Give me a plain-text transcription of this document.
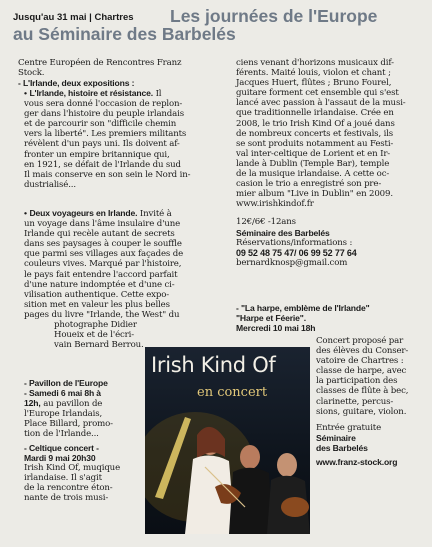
Jusqu'au 31 mai | Chartres Les journées de l'Europe
au Séminaire des Barbelés
Centre Européen de Rencontres Franz
Stock.
- L'Irlande, deux expositions :
• L'Irlande, histoire et résistance. Il
vous sera donné l'occasion de replon-
ger dans l'histoire du peuple irlandais
et de parcourir son "difficile chemin
vers la liberté". Les premiers militants
révèlent d'un pays uni. Ils doivent af-
fronter un empire britannique qui,
en 1921, se défait de l'Irlande du sud
Il mais conserve en son sein le Nord in-
dustrialisé...
• Deux voyageurs en Irlande. Invité à
un voyage dans l'âme insulaire d'une
Irlande qui recèle autant de secrets
dans ses paysages à couper le souffle
que parmi ses villages aux façades de
couleurs vives. Marqué par l'histoire,
le pays fait entendre l'accord parfait
d'une nature indomptée et d'une ci-
vilisation authentique. Cette expo-
sition met en valeur les plus belles
pages du livre "Irlande, the West" du
photographe Didier
Houeix et de l'écri-
vain Bernard Berrou.
- Pavillon de l'Europe
- Samedi 6 mai 8h à
12h, au pavillon de
l'Europe Irlandais,
Place Billard, promo-
tion de l'Irlande...
- Celtique concert -
Mardi 9 mai 20h30
Irish Kind Of, muqique
irlandaise. Il s'agit
de la rencontre éton-
nante de trois musi-
ciens venant d'horizons musicaux dif-
férents. Maité louis, violon et chant ;
Jacques Huert, flûtes ; Bruno Fourel,
guitare forment cet ensemble qui s'est
lancé avec passion à l'assaut de la musi-
que traditionnelle irlandaise. Crée en
2008, le trio Irish Kind Of a joué dans
de nombreux concerts et festivals, ils
se sont produits notamment au Festi-
val inter-celtique de Lorient et en Ir-
lande à Dublin (Temple Bar), temple
de la musique irlandaise. A cette oc-
casion le trio a enregistré son pre-
mier album "Live in Dublin" en 2009.
www.irishkindof.fr
12€/6€ -12ans
Séminaire des Barbelés
Réservations/informations :
09 52 48 75 47/ 06 99 52 77 64
bernardknosp@gmail.com
- "La harpe, emblème de l'Irlande"
"Harpe et Féerie".
Mercredi 10 mai 18h
Concert proposé par
des élèves du Conser-
vatoire de Chartres :
classe de harpe, avec
la participation des
classes de flûte à bec,
clarinette, percus-
sions, guitare, violon.
Entrée gratuite
Séminaire
des Barbelés
www.franz-stock.org
Irish Kind Of
en concert
